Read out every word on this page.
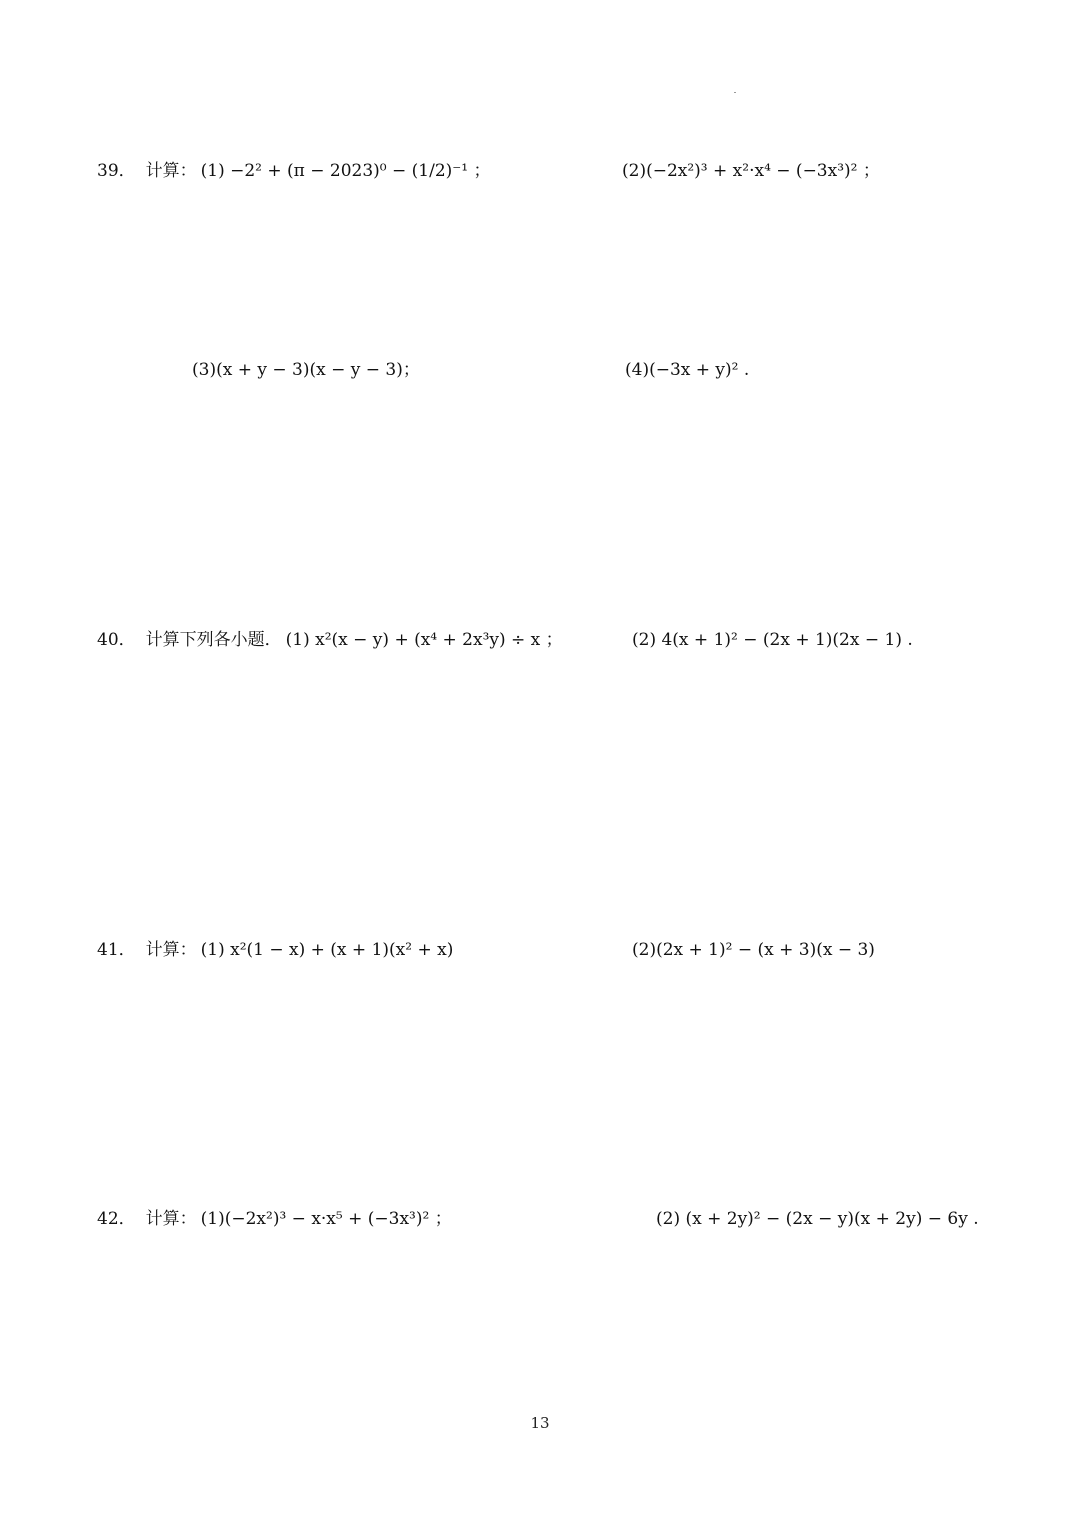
39． 计算： (1) −2² + (π − 2023)⁰ − (1/2)⁻¹ ；	(2)(−2x²)³ + x²·x⁴ − (−3x³)² ；
(3)(x + y − 3)(x − y − 3)；	(4)(−3x + y)² .
40． 计算下列各小题． (1) x²(x − y) + (x⁴ + 2x³y) ÷ x ；	(2) 4(x + 1)² − (2x + 1)(2x − 1) .
41． 计算： (1) x²(1 − x) + (x + 1)(x² + x)	(2)(2x + 1)² − (x + 3)(x − 3)
42． 计算： (1)(−2x²)³ − x·x⁵ + (−3x³)² ；	(2) (x + 2y)² − (2x − y)(x + 2y) − 6y .
13
